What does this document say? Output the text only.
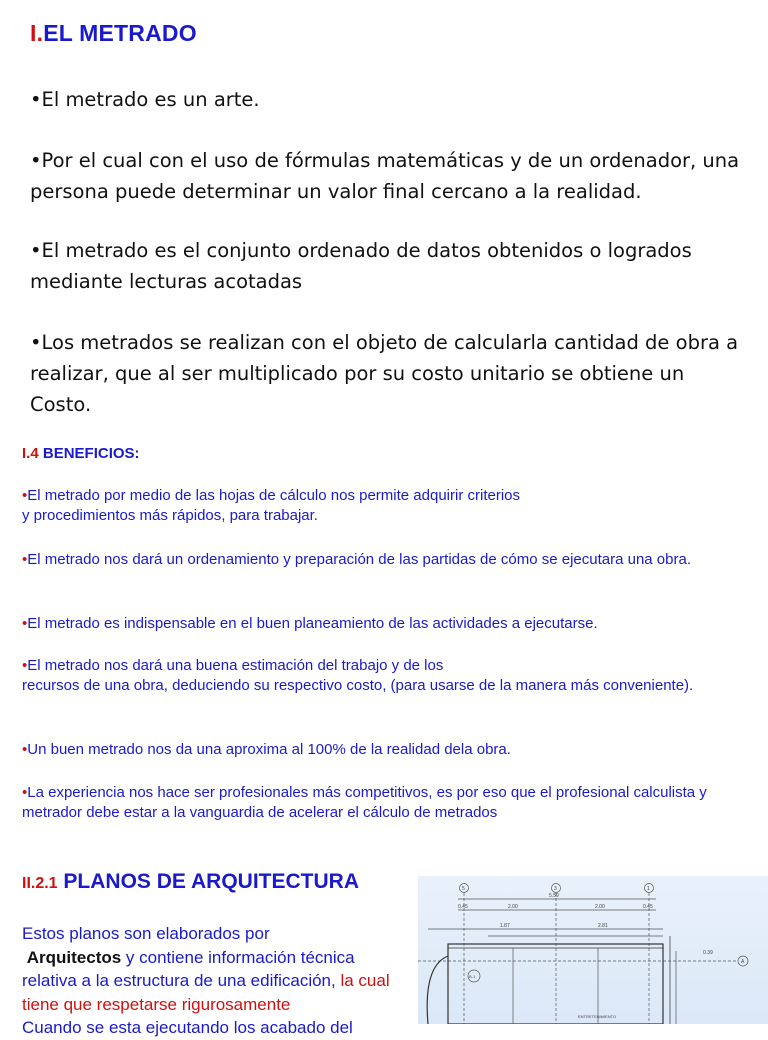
I.EL METRADO
•El metrado es un arte.
•Por el cual con el uso de fórmulas matemáticas y de un ordenador, una persona puede determinar un valor final cercano a la realidad.
•El metrado es el conjunto ordenado de datos obtenidos o logrados mediante lecturas acotadas
•Los metrados se realizan con el objeto de calcularla cantidad de obra a realizar, que al ser multiplicado por su costo unitario se obtiene un Costo.
I.4 BENEFICIOS:
•El metrado por medio de las hojas de cálculo nos permite adquirir criterios
y procedimientos más rápidos, para trabajar.
•El metrado nos dará un ordenamiento y preparación de las partidas de cómo se ejecutara una obra.
•El metrado es indispensable en el buen planeamiento de las actividades a ejecutarse.
•El metrado nos dará una buena estimación del trabajo y de los
recursos de una obra, deduciendo su respectivo costo, (para usarse de la manera más conveniente).
•Un buen metrado nos da una aproxima al 100% de la realidad dela obra.
•La experiencia nos hace ser profesionales más competitivos, es por eso que el profesional calculista y metrador debe estar a la vanguardia de acelerar el cálculo de metrados
II.2.1 PLANOS DE ARQUITECTURA
Estos planos son elaborados por
Arquitectos y contiene información técnica relativa a la estructura de una edificación, la cual tiene que respetarse rigurosamente
Cuando se esta ejecutando los acabado del
5	3	1
A
5.59
0.45	2.00	2.00	0.45
1.87	2.81
0.39
B-1
ENTRETENIMIENTO
